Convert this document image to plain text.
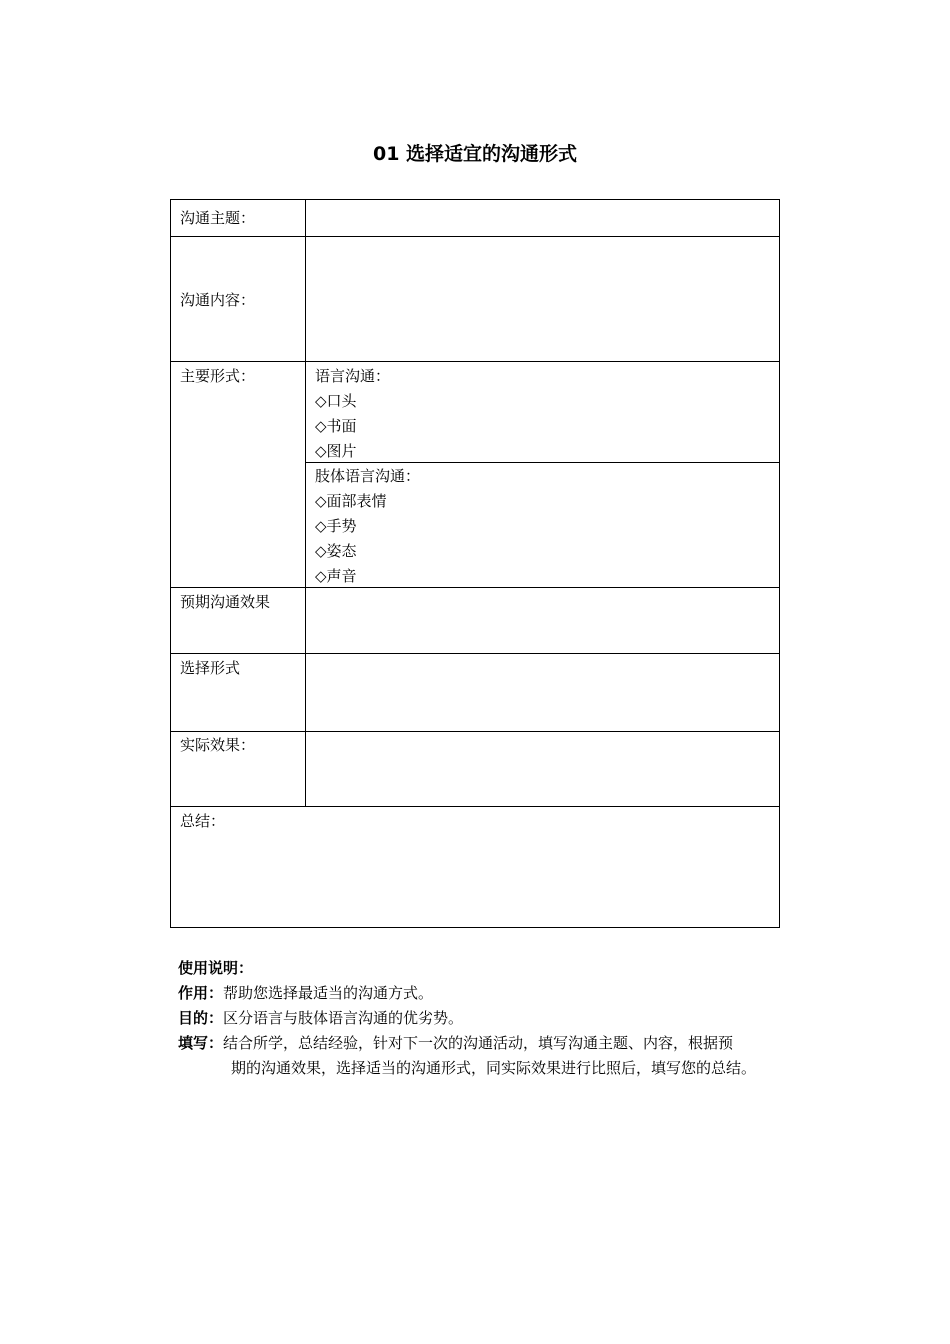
01 选择适宜的沟通形式
沟通主题：
沟通内容：
主要形式：	语言沟通：
◇口头
◇书面
◇图片
肢体语言沟通：
◇面部表情
◇手势
◇姿态
◇声音
预期沟通效果
选择形式
实际效果：
总结：
使用说明：
作用：帮助您选择最适当的沟通方式。
目的：区分语言与肢体语言沟通的优劣势。
填写：结合所学，总结经验，针对下一次的沟通活动，填写沟通主题、内容，根据预
期的沟通效果，选择适当的沟通形式，同实际效果进行比照后，填写您的总结。
